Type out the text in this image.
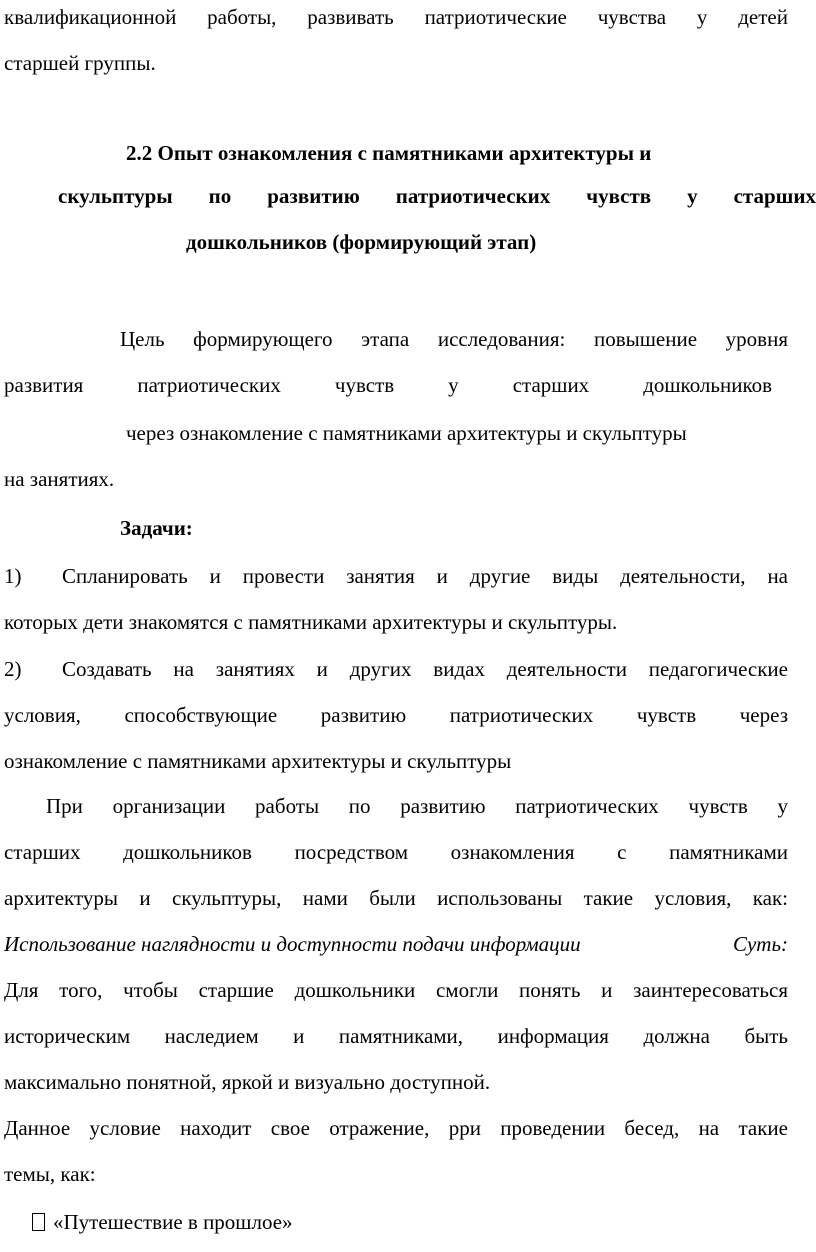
квалификационной работы, развивать патриотические чувства у детей
старшей группы.
2.2 Опыт ознакомления с памятниками архитектуры и
скульптуры по развитию патриотических чувств у старших
дошкольников (формирующий этап)
Цель формирующего этапа исследования: повышение уровня
развития патриотических чувств у старших дошкольников
через ознакомление с памятниками архитектуры и скульптуры
на занятиях.
Задачи:
Спланировать и провести занятия и другие виды деятельности, на
1)
которых дети знакомятся с памятниками архитектуры и скульптуры.
2)	Создавать на занятиях и других видах деятельности педагогические
условия, способствующие развитию патриотических чувств через
ознакомление с памятниками архитектуры и скульптуры
При организации работы по развитию патриотических чувств у
старших дошкольников посредством ознакомления с памятниками
архитектуры и скульптуры, нами были использованы такие условия, как:
Использование наглядности и доступности подачи информации	Суть:
Для того, чтобы старшие дошкольники смогли понять и заинтересоваться
историческим наследием и памятниками, информация должна быть
максимально понятной, яркой и визуально доступной.
Данное условие находит свое отражение, рри проведении бесед, на такие
темы, как:
«Путешествие в прошлое»
